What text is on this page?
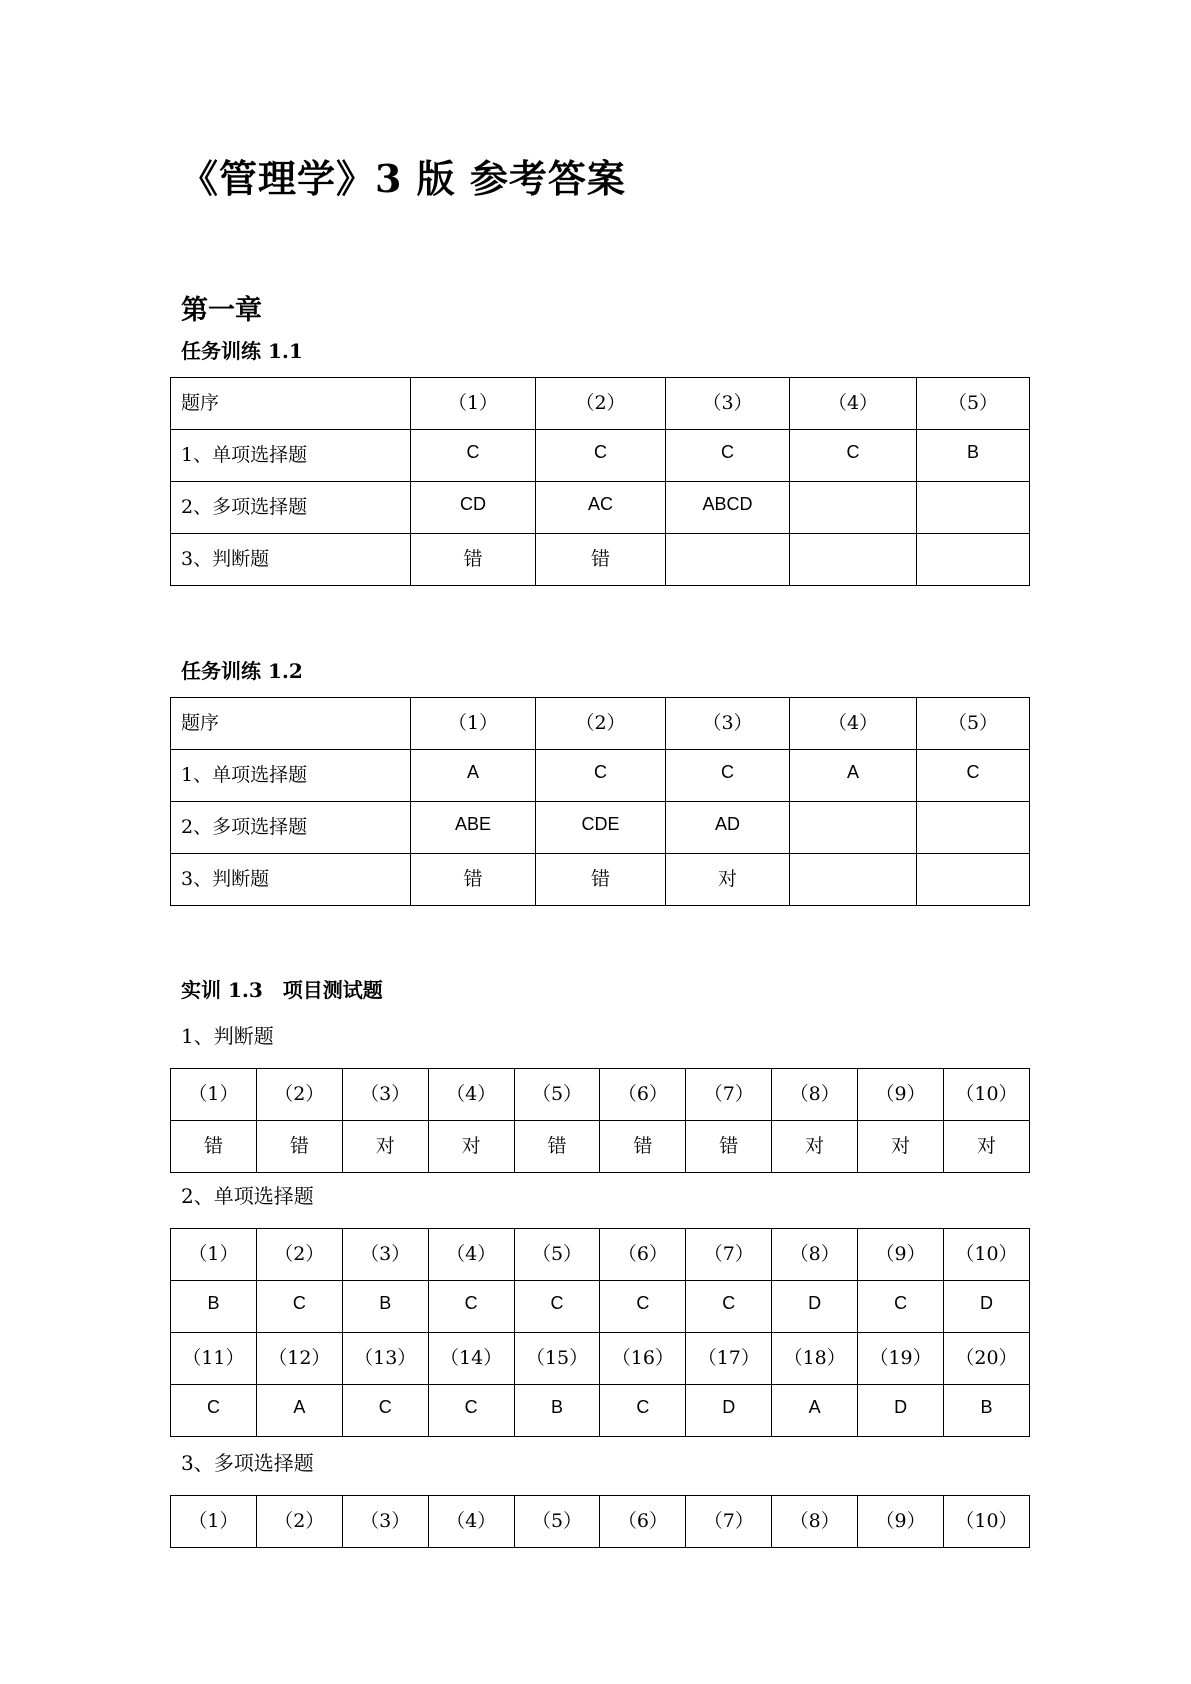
《管理学》3 版 参考答案
第一章
任务训练 1.1
题序	（1）	（2）	（3）	（4）	（5）
1、单项选择题	C	C	C	C	B
2、多项选择题	CD	AC	ABCD		
3、判断题	错	错			
任务训练 1.2
题序	（1）	（2）	（3）	（4）	（5）
1、单项选择题	A	C	C	A	C
2、多项选择题	ABE	CDE	AD		
3、判断题	错	错	对		
实训 1.3　项目测试题

1、判断题

（1）	（2）	（3）	（4）	（5）	（6）	（7）	（8）	（9）	（10）
错	错	对	对	错	错	错	对	对	对

2、单项选择题

（1）	（2）	（3）	（4）	（5）	（6）	（7）	（8）	（9）	（10）
B	C	B	C	C	C	C	D	C	D
（11）	（12）	（13）	（14）	（15）	（16）	（17）	（18）	（19）	（20）
C	A	C	C	B	C	D	A	D	B

3、多项选择题

（1）	（2）	（3）	（4）	（5）	（6）	（7）	（8）	（9）	（10）
